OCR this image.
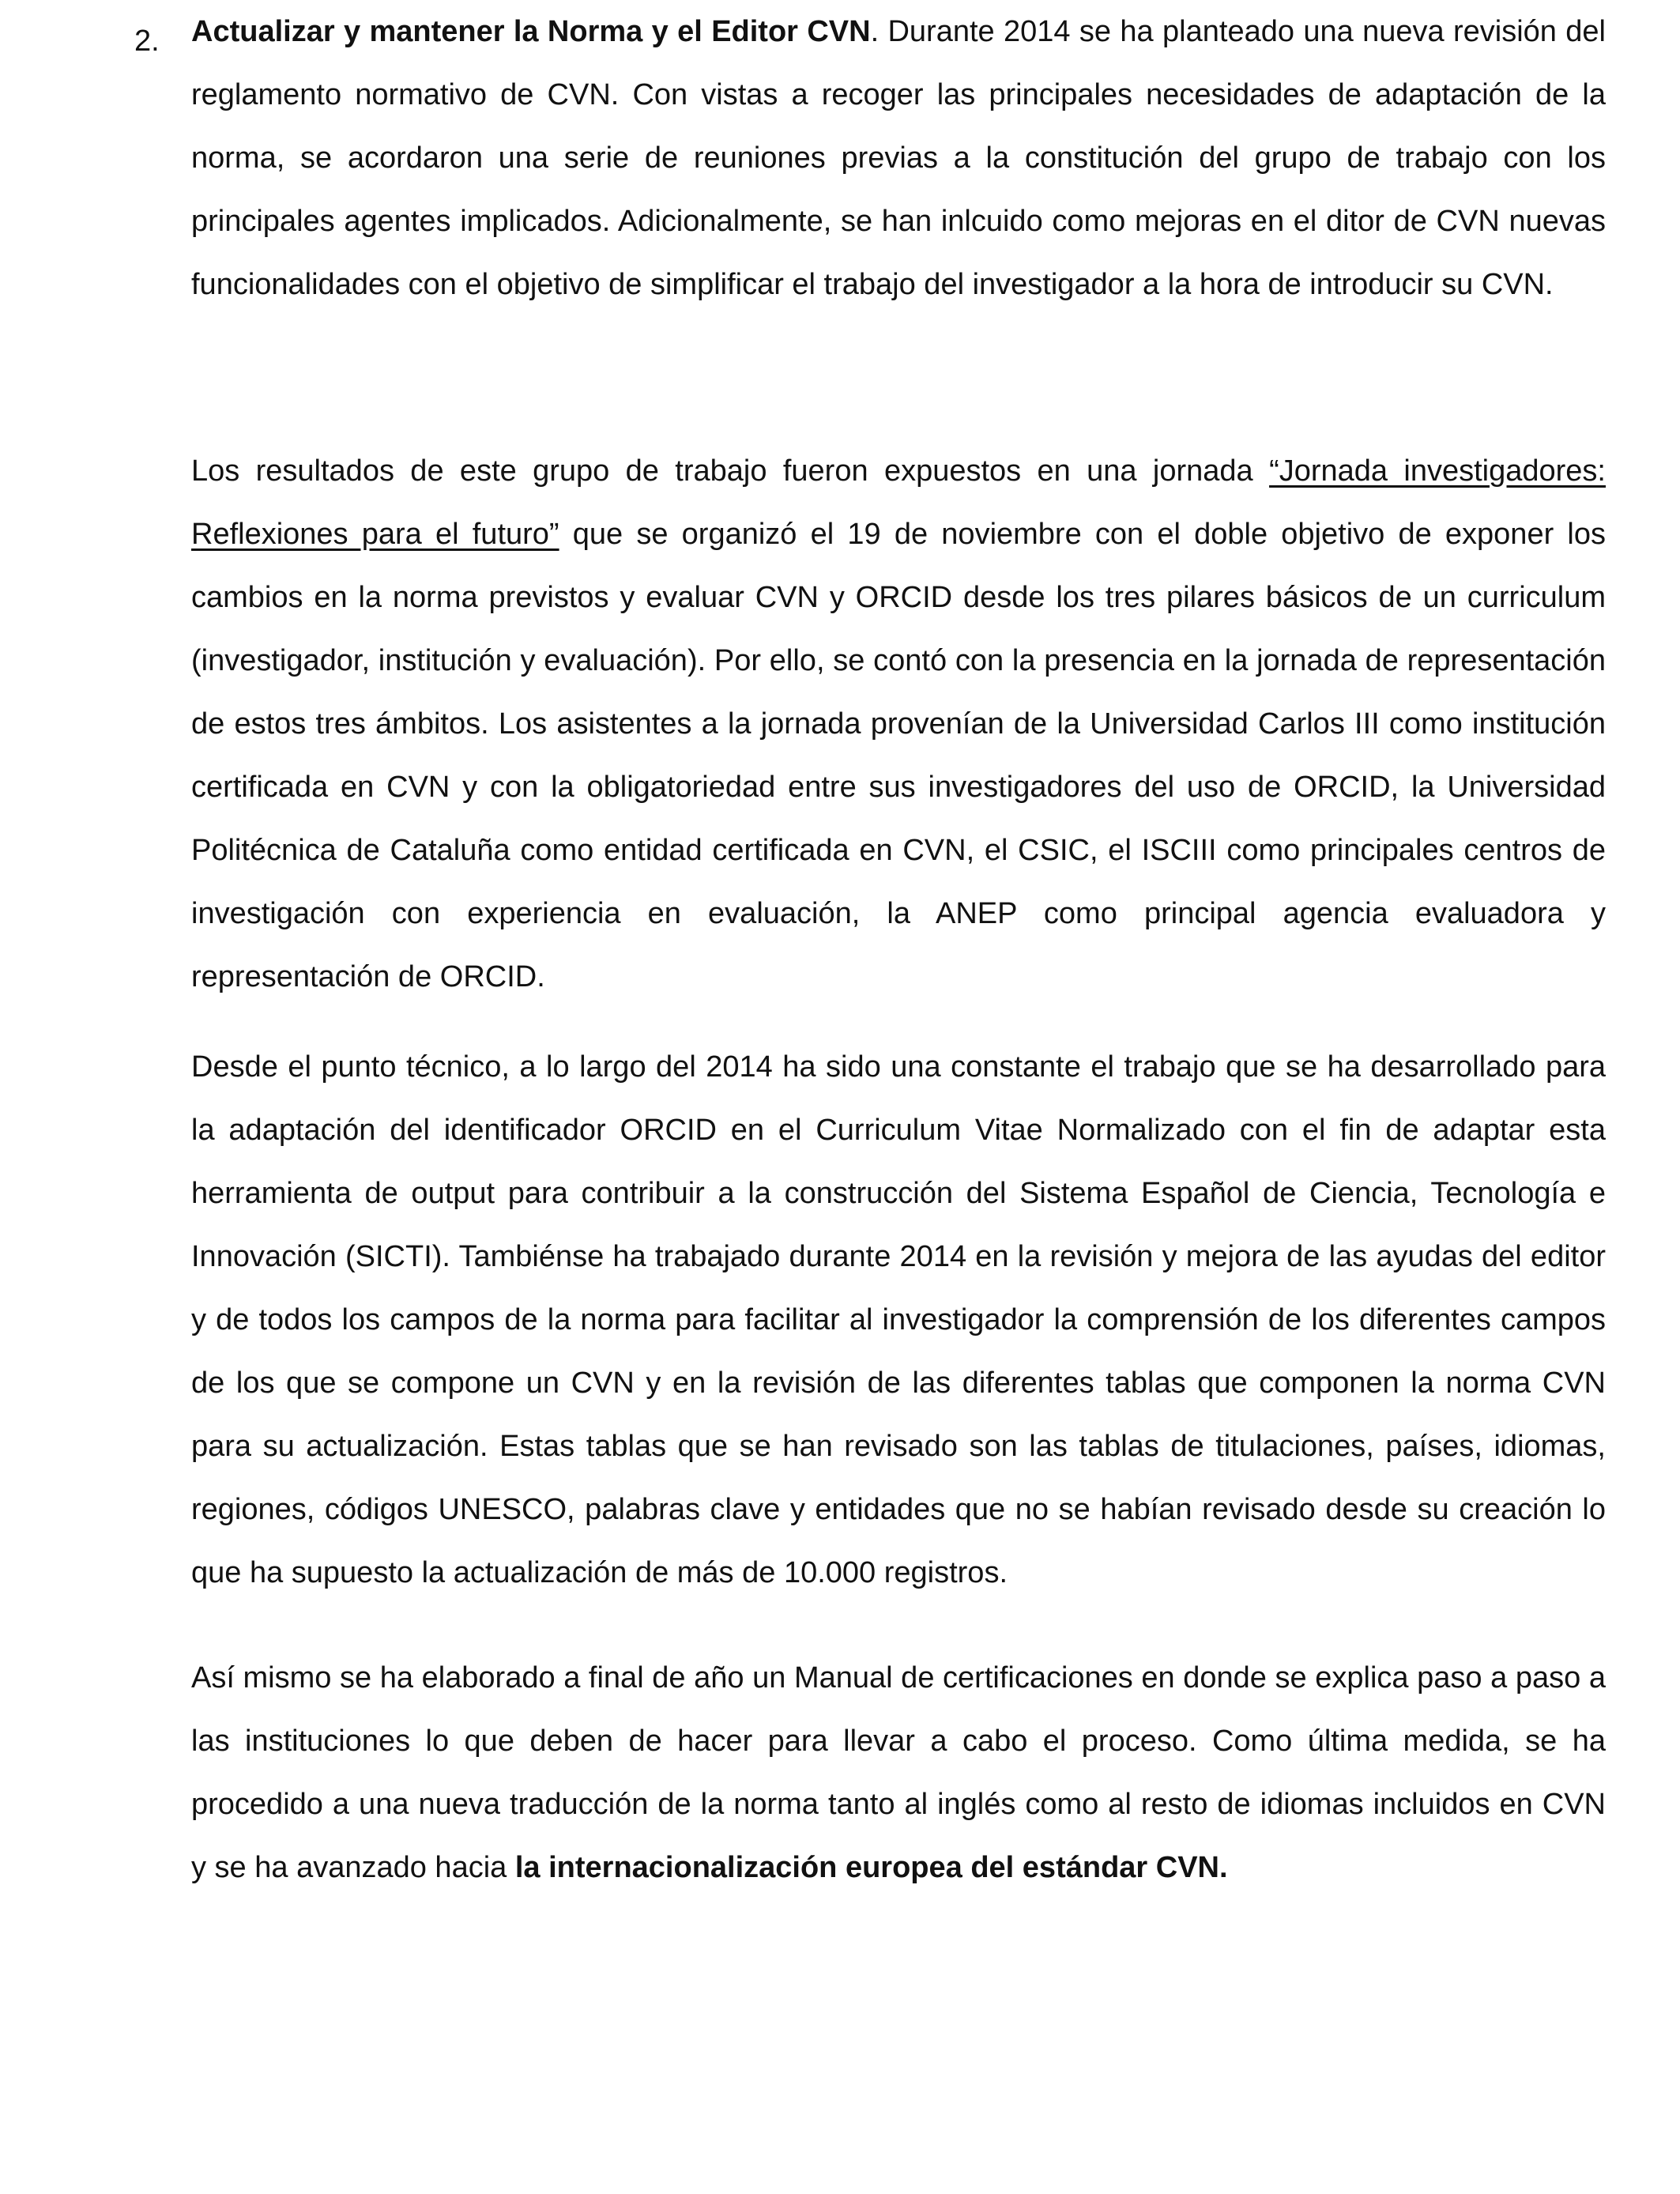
2. Actualizar y mantener la Norma y el Editor CVN. Durante 2014 se ha planteado una nueva revisión del reglamento normativo de CVN. Con vistas a recoger las principales necesidades de adaptación de la norma, se acordaron una serie de reuniones previas a la constitución del grupo de trabajo con los principales agentes implicados. Adicionalmente, se han inlcuido como mejoras en el ditor de CVN nuevas funcionalidades con el objetivo de simplificar el trabajo del investigador a la hora de introducir su CVN.

Los resultados de este grupo de trabajo fueron expuestos en una jornada “Jornada investigadores: Reflexiones para el futuro” que se organizó el 19 de noviembre con el doble objetivo de exponer los cambios en la norma previstos y evaluar CVN y ORCID desde los tres pilares básicos de un curriculum (investigador, institución y evaluación). Por ello, se contó con la presencia en la jornada de representación de estos tres ámbitos. Los asistentes a la jornada provenían de la Universidad Carlos III como institución certificada en CVN y con la obligatoriedad entre sus investigadores del uso de ORCID, la Universidad Politécnica de Cataluña como entidad certificada en CVN, el CSIC, el ISCIII como principales centros de investigación con experiencia en evaluación, la ANEP como principal agencia evaluadora y representación de ORCID.

Desde el punto técnico, a lo largo del 2014 ha sido una constante el trabajo que se ha desarrollado para la adaptación del identificador ORCID en el Curriculum Vitae Normalizado con el fin de adaptar esta herramienta de output para contribuir a la construcción del Sistema Español de Ciencia, Tecnología e Innovación (SICTI). Tambiénse ha trabajado durante 2014 en la revisión y mejora de las ayudas del editor y de todos los campos de la norma para facilitar al investigador la comprensión de los diferentes campos de los que se compone un CVN y en la revisión de las diferentes tablas que componen la norma CVN para su actualización. Estas tablas que se han revisado son las tablas de titulaciones, países, idiomas, regiones, códigos UNESCO, palabras clave y entidades que no se habían revisado desde su creación lo que ha supuesto la actualización de más de 10.000 registros.

Así mismo se ha elaborado a final de año un Manual de certificaciones en donde se explica paso a paso a las instituciones lo que deben de hacer para llevar a cabo el proceso. Como última medida, se ha procedido a una nueva traducción de la norma tanto al inglés como al resto de idiomas incluidos en CVN y se ha avanzado hacia la internacionalización europea del estándar CVN.
